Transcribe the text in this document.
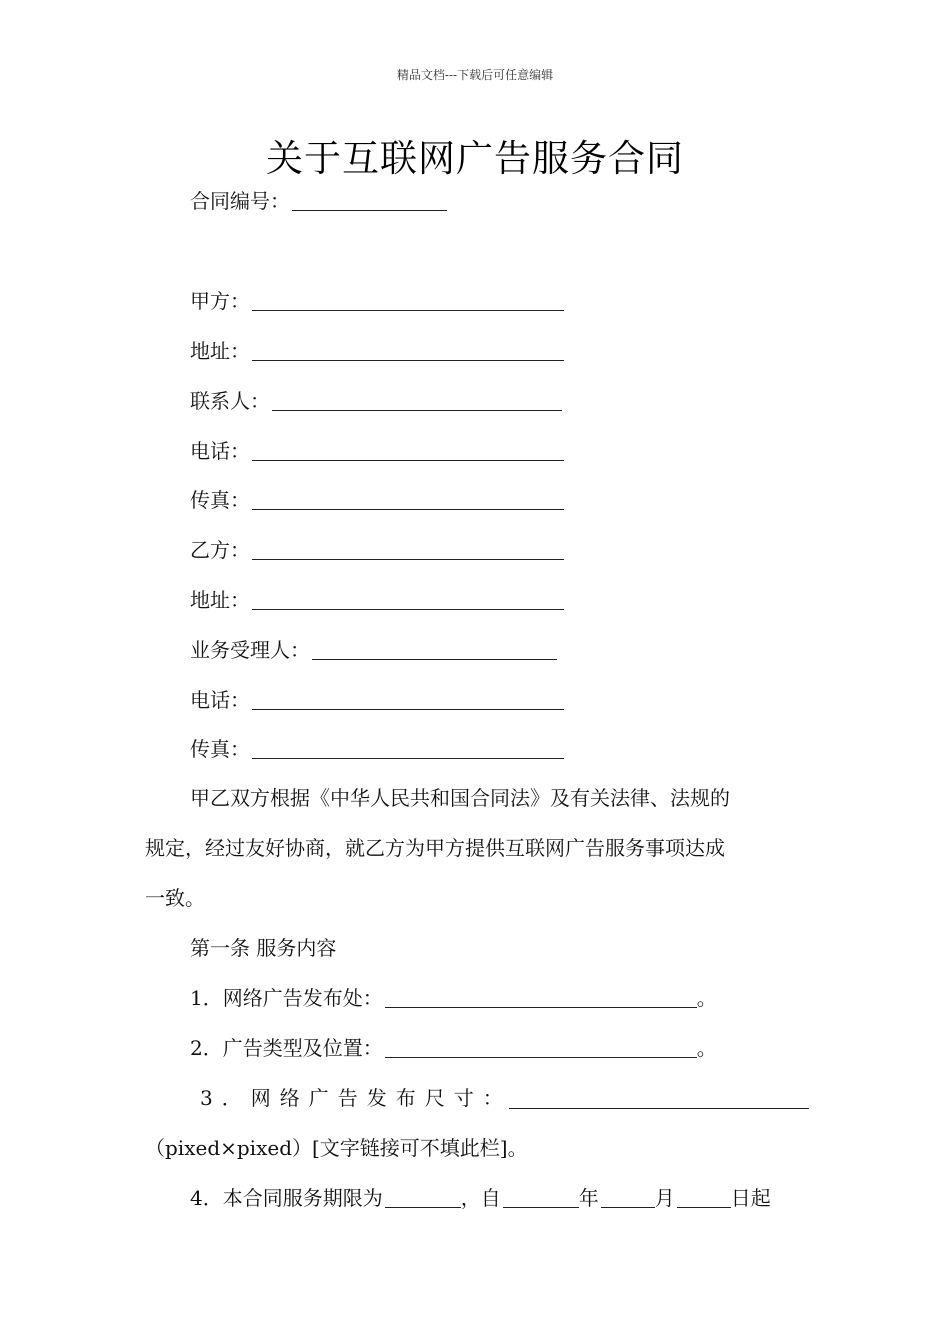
精品文档---下载后可任意编辑
关于互联网广告服务合同
合同编号：
甲方：
地址：
联系人：
电话：
传真：
乙方：
地址：
业务受理人：
电话：
传真：
甲乙双方根据《中华人民共和国合同法》及有关法律、法规的
规定，经过友好协商，就乙方为甲方提供互联网广告服务事项达成
一致。
第一条 服务内容
1．网络广告发布处：	。
2．广告类型及位置：	。
3．网络广告发布尺寸：
（pixed×pixed）[文字链接可不填此栏]。
4．本合同服务期限为	，自	年	月	日起
